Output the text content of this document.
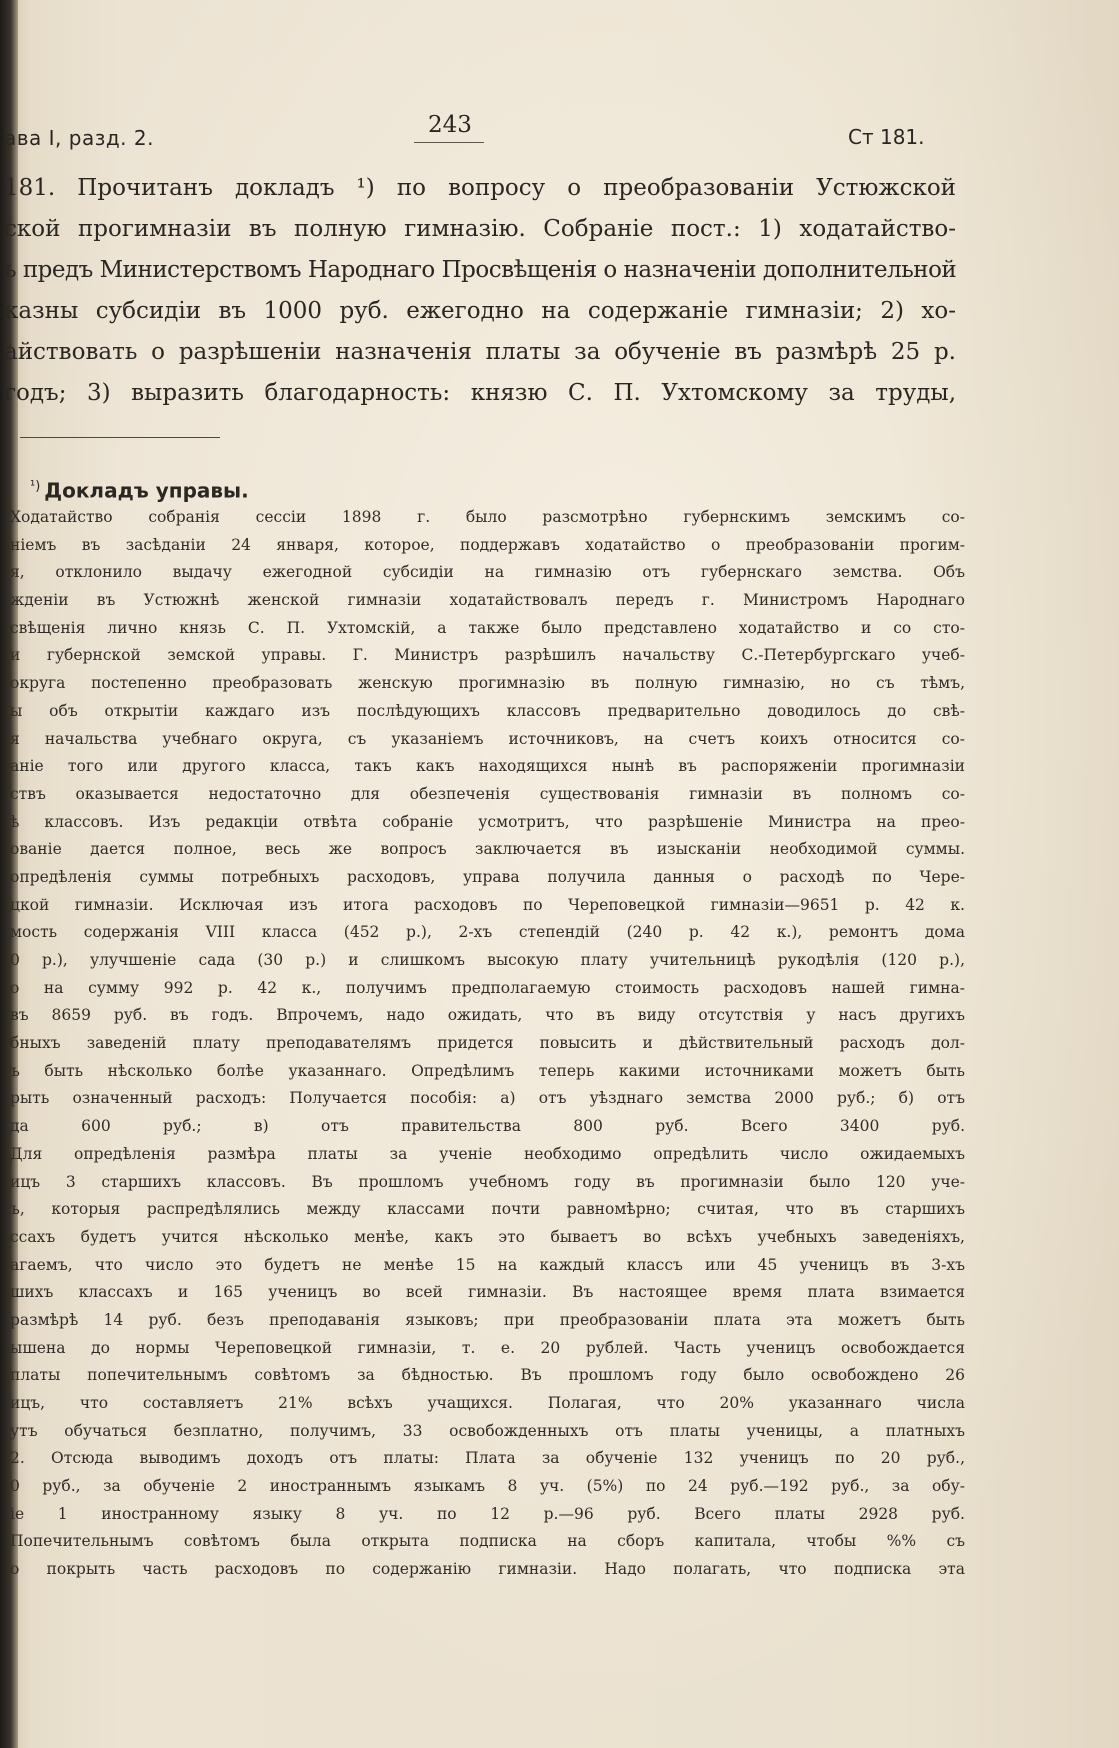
ава I, разд. 2.	243	Ст 181.
181. Прочитанъ докладъ ¹) по вопросу о преобразованіи Устюжской
ской прогимназіи въ полную гимназію. Собраніе пост.: 1) ходатайство-
ь предъ Министерствомъ Народнаго Просвѣщенія о назначеніи дополнительной
казны субсидіи въ 1000 руб. ежегодно на содержаніе гимназіи; 2) хо-
айствовать о разрѣшеніи назначенія платы за обученіе въ размѣрѣ 25 р.
годъ; 3) выразить благодарность: князю С. П. Ухтомскому за труды,
$^{^1)}$ Докладъ управы.
Ходатайство собранія сессіи 1898 г. было разсмотрѣно губернскимъ земскимъ со-
ніемъ въ засѣданіи 24 января, которое, поддержавъ ходатайство о преобразованіи прогим-
я, отклонило выдачу ежегодной субсидіи на гимназію отъ губернскаго земства. Объ
жденіи въ Устюжнѣ женской гимназіи ходатайствовалъ передъ г. Министромъ Народнаго
свѣщенія лично князь С. П. Ухтомскій, а также было представлено ходатайство и со сто-
и губернской земской управы. Г. Министръ разрѣшилъ начальству С.-Петербургскаго учеб-
округа постепенно преобразовать женскую прогимназію въ полную гимназію, но съ тѣмъ,
ы объ открытіи каждаго изъ послѣдующихъ классовъ предварительно доводилось до свѣ-
я начальства учебнаго округа, съ указаніемъ источниковъ, на счетъ коихъ относится со-
аніе того или другого класса, такъ какъ находящихся нынѣ въ распоряженіи прогимназіи
ствъ оказывается недостаточно для обезпеченія существованія гимназіи въ полномъ со-
ѣ классовъ. Изъ редакціи отвѣта собраніе усмотритъ, что разрѣшеніе Министра на прео-
ованіе дается полное, весь же вопросъ заключается въ изысканіи необходимой суммы.
опредѣленія суммы потребныхъ расходовъ, управа получила данныя о расходѣ по Чере-
цкой гимназіи. Исключая изъ итога расходовъ по Череповецкой гимназіи—9651 р. 42 к.
мость содержанія VIII класса (452 р.), 2-хъ степендій (240 р. 42 к.), ремонтъ дома
0 р.), улучшеніе сада (30 р.) и слишкомъ высокую плату учительницѣ рукодѣлія (120 р.),
о на сумму 992 р. 42 к., получимъ предполагаемую стоимость расходовъ нашей гимна-
въ 8659 руб. въ годъ. Впрочемъ, надо ожидать, что въ виду отсутствія у насъ другихъ
бныхъ заведеній плату преподавателямъ придется повысить и дѣйствительный расходъ дол-
ъ быть нѣсколько болѣе указаннаго. Опредѣлимъ теперь какими источниками можетъ быть
рыть означенный расходъ: Получается пособія: а) отъ уѣзднаго земства 2000 руб.; б) отъ
да 600 руб.; в) отъ правительства 800 руб. Всего 3400 руб.
Для опредѣленія размѣра платы за ученіе необходимо опредѣлить число ожидаемыхъ
ицъ 3 старшихъ классовъ. Въ прошломъ учебномъ году въ прогимназіи было 120 уче-
ъ, которыя распредѣлялись между классами почти равномѣрно; считая, что въ старшихъ
ссахъ будетъ учится нѣсколько менѣе, какъ это бываетъ во всѣхъ учебныхъ заведеніяхъ,
агаемъ, что число это будетъ не менѣе 15 на каждый классъ или 45 ученицъ въ 3-хъ
шихъ классахъ и 165 ученицъ во всей гимназіи. Въ настоящее время плата взимается
размѣрѣ 14 руб. безъ преподаванія языковъ; при преобразованіи плата эта можетъ быть
ышена до нормы Череповецкой гимназіи, т. е. 20 рублей. Часть ученицъ освобождается
платы попечительнымъ совѣтомъ за бѣдностью. Въ прошломъ году было освобождено 26
ицъ, что составляетъ 21% всѣхъ учащихся. Полагая, что 20% указаннаго числа
утъ обучаться безплатно, получимъ, 33 освобожденныхъ отъ платы ученицы, а платныхъ
2. Отсюда выводимъ доходъ отъ платы: Плата за обученіе 132 ученицъ по 20 руб.,
0 руб., за обученіе 2 иностраннымъ языкамъ 8 уч. (5%) по 24 руб.—192 руб., за обу-
іе 1 иностранному языку 8 уч. по 12 р.—96 руб. Всего платы 2928 руб.
Попечительнымъ совѣтомъ была открыта подписка на сборъ капитала, чтобы %% съ
о покрыть часть расходовъ по содержанію гимназіи. Надо полагать, что подписка эта
